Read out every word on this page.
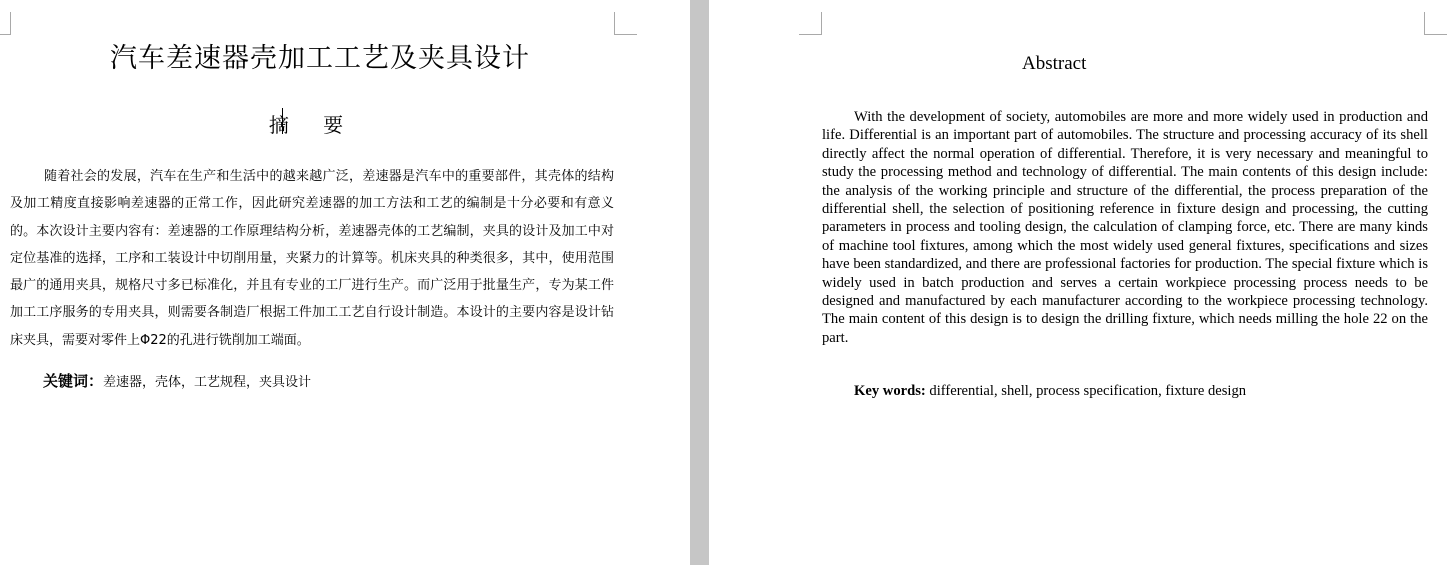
汽车差速器壳加工工艺及夹具设计
摘 要

随着社会的发展，汽车在生产和生活中的越来越广泛，差速器是汽车中的重要部件，其壳体的结构及加工精度直接影响差速器的正常工作，因此研究差速器的加工方法和工艺的编制是十分必要和有意义的。本次设计主要内容有：差速器的工作原理结构分析，差速器壳体的工艺编制，夹具的设计及加工中对定位基准的选择，工序和工装设计中切削用量，夹紧力的计算等。机床夹具的种类很多，其中，使用范围最广的通用夹具，规格尺寸多已标准化，并且有专业的工厂进行生产。而广泛用于批量生产，专为某工件加工工序服务的专用夹具，则需要各制造厂根据工件加工工艺自行设计制造。本设计的主要内容是设计钻床夹具，需要对零件上Φ22的孔进行铣削加工端面。

关键词：差速器，壳体，工艺规程，夹具设计
Abstract

With the development of society, automobiles are more and more widely used in production and life. Differential is an important part of automobiles. The structure and processing accuracy of its shell directly affect the normal operation of differential. Therefore, it is very necessary and meaningful to study the processing method and technology of differential. The main contents of this design include: the analysis of the working principle and structure of the differential, the process preparation of the differential shell, the selection of positioning reference in fixture design and processing, the cutting parameters in process and tooling design, the calculation of clamping force, etc. There are many kinds of machine tool fixtures, among which the most widely used general fixtures, specifications and sizes have been standardized, and there are professional factories for production. The special fixture which is widely used in batch production and serves a certain workpiece processing process needs to be designed and manufactured by each manufacturer according to the workpiece processing technology. The main content of this design is to design the drilling fixture, which needs milling the hole 22 on the part.

Key words: differential, shell, process specification, fixture design
